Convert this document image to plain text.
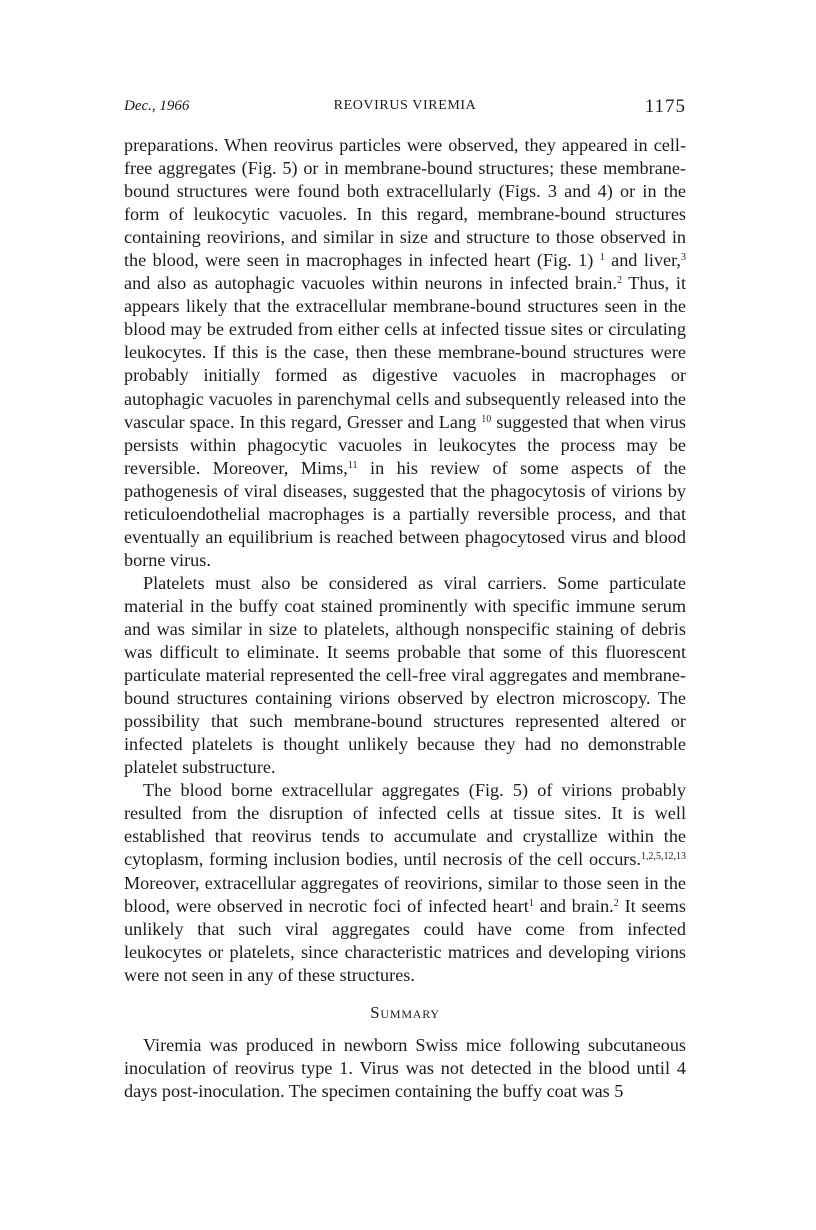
Dec., 1966	REOVIRUS VIREMIA	1175

preparations. When reovirus particles were observed, they appeared in cell-free aggregates (Fig. 5) or in membrane-bound structures; these membrane-bound structures were found both extracellularly (Figs. 3 and 4) or in the form of leukocytic vacuoles. In this regard, membrane-bound structures containing reovirions, and similar in size and structure to those observed in the blood, were seen in macrophages in infected heart (Fig. 1) $^1$ and liver,$^3$ and also as autophagic vacuoles within neurons in infected brain.$^2$ Thus, it appears likely that the extracellular membrane-bound structures seen in the blood may be extruded from either cells at infected tissue sites or circulating leukocytes. If this is the case, then these membrane-bound structures were probably initially formed as digestive vacuoles in macrophages or autophagic vacuoles in parenchymal cells and subsequently released into the vascular space. In this regard, Gresser and Lang $^{10}$ suggested that when virus persists within phagocytic vacuoles in leukocytes the process may be reversible. Moreover, Mims,$^{11}$ in his review of some aspects of the pathogenesis of viral diseases, suggested that the phagocytosis of virions by reticuloendothelial macrophages is a partially reversible process, and that eventually an equilibrium is reached between phagocytosed virus and blood borne virus.

Platelets must also be considered as viral carriers. Some particulate material in the buffy coat stained prominently with specific immune serum and was similar in size to platelets, although nonspecific staining of debris was difficult to eliminate. It seems probable that some of this fluorescent particulate material represented the cell-free viral aggregates and membrane-bound structures containing virions observed by electron microscopy. The possibility that such membrane-bound structures represented altered or infected platelets is thought unlikely because they had no demonstrable platelet substructure.

The blood borne extracellular aggregates (Fig. 5) of virions probably resulted from the disruption of infected cells at tissue sites. It is well established that reovirus tends to accumulate and crystallize within the cytoplasm, forming inclusion bodies, until necrosis of the cell occurs.$^{1,2,5,12,13}$ Moreover, extracellular aggregates of reovirions, similar to those seen in the blood, were observed in necrotic foci of infected heart$^1$ and brain.$^2$ It seems unlikely that such viral aggregates could have come from infected leukocytes or platelets, since characteristic matrices and developing virions were not seen in any of these structures.

Summary

Viremia was produced in newborn Swiss mice following subcutaneous inoculation of reovirus type 1. Virus was not detected in the blood until 4 days post-inoculation. The specimen containing the buffy coat was 5
